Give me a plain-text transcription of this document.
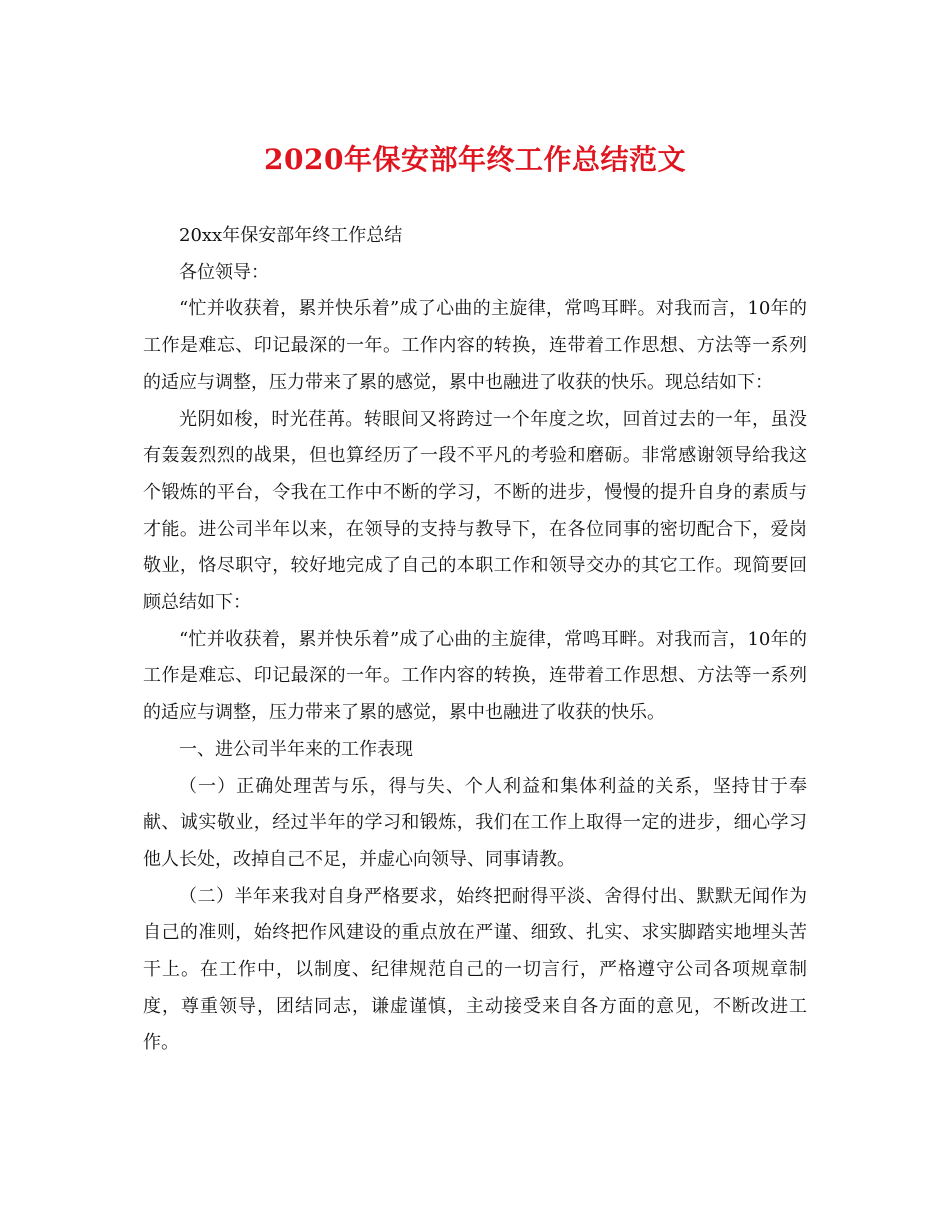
2020年保安部年终工作总结范文

20xx年保安部年终工作总结

各位领导：

“忙并收获着，累并快乐着”成了心曲的主旋律，常鸣耳畔。对我而言，10年的工作是难忘、印记最深的一年。工作内容的转换，连带着工作思想、方法等一系列的适应与调整，压力带来了累的感觉，累中也融进了收获的快乐。现总结如下：

光阴如梭，时光荏苒。转眼间又将跨过一个年度之坎，回首过去的一年，虽没有轰轰烈烈的战果，但也算经历了一段不平凡的考验和磨砺。非常感谢领导给我这个锻炼的平台，令我在工作中不断的学习，不断的进步，慢慢的提升自身的素质与才能。进公司半年以来，在领导的支持与教导下，在各位同事的密切配合下，爱岗敬业，恪尽职守，较好地完成了自己的本职工作和领导交办的其它工作。现简要回顾总结如下：

“忙并收获着，累并快乐着”成了心曲的主旋律，常鸣耳畔。对我而言，10年的工作是难忘、印记最深的一年。工作内容的转换，连带着工作思想、方法等一系列的适应与调整，压力带来了累的感觉，累中也融进了收获的快乐。

一、进公司半年来的工作表现

（一）正确处理苦与乐，得与失、个人利益和集体利益的关系，坚持甘于奉献、诚实敬业，经过半年的学习和锻炼，我们在工作上取得一定的进步，细心学习他人长处，改掉自己不足，并虚心向领导、同事请教。

（二）半年来我对自身严格要求，始终把耐得平淡、舍得付出、默默无闻作为自己的准则，始终把作风建设的重点放在严谨、细致、扎实、求实脚踏实地埋头苦干上。在工作中，以制度、纪律规范自己的一切言行，严格遵守公司各项规章制度，尊重领导，团结同志，谦虚谨慎，主动接受来自各方面的意见，不断改进工作。
